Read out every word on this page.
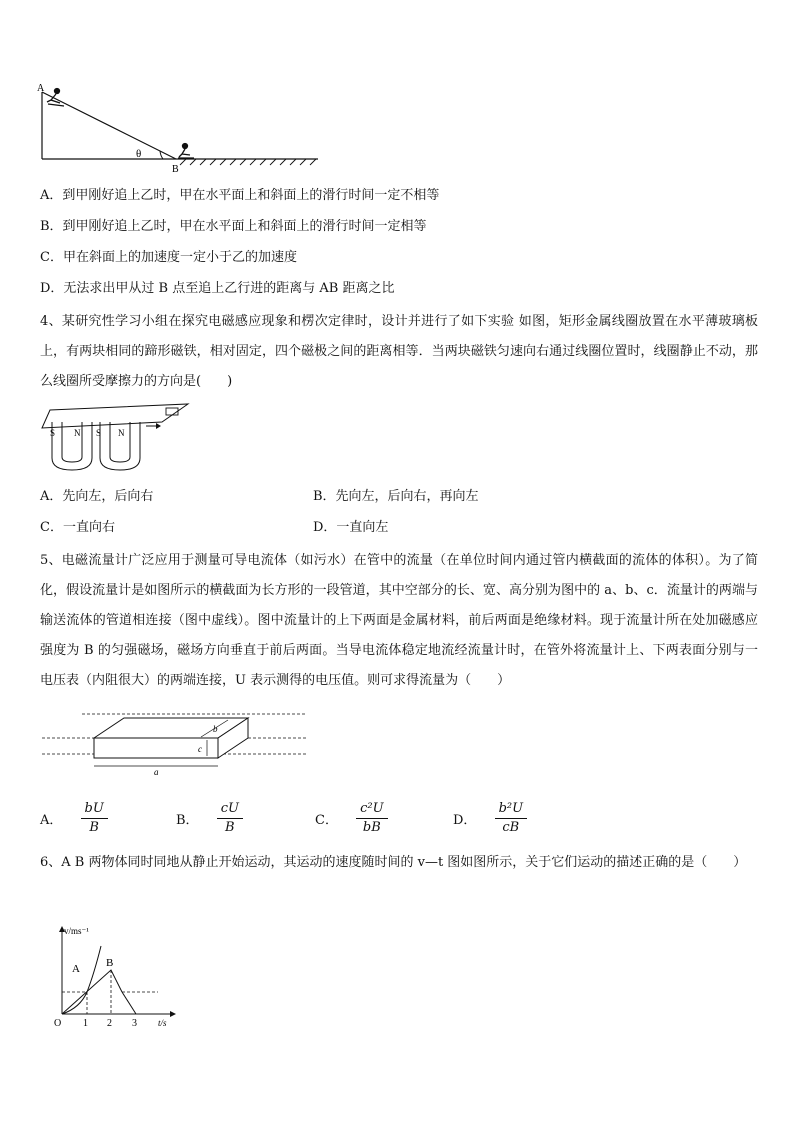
A
B
θ
A．到甲刚好追上乙时，甲在水平面上和斜面上的滑行时间一定不相等
B．到甲刚好追上乙时，甲在水平面上和斜面上的滑行时间一定相等
C．甲在斜面上的加速度一定小于乙的加速度
D．无法求出甲从过 B 点至追上乙行进的距离与 AB 距离之比
4、某研究性学习小组在探究电磁感应现象和楞次定律时，设计并进行了如下实验 如图，矩形金属线圈放置在水平薄玻璃板上，有两块相同的蹄形磁铁，相对固定，四个磁极之间的距离相等．当两块磁铁匀速向右通过线圈位置时，线圈静止不动，那么线圈所受摩擦力的方向是(　　)
S N S N
A．先向左，后向右	B．先向左，后向右，再向左
C．一直向右	D．一直向左
5、电磁流量计广泛应用于测量可导电流体（如污水）在管中的流量（在单位时间内通过管内横截面的流体的体积）。为了简化，假设流量计是如图所示的横截面为长方形的一段管道，其中空部分的长、宽、高分别为图中的 a、b、c．流量计的两端与输送流体的管道相连接（图中虚线）。图中流量计的上下两面是金属材料，前后两面是绝缘材料。现于流量计所在处加磁感应强度为 B 的匀强磁场，磁场方向垂直于前后两面。当导电流体稳定地流经流量计时，在管外将流量计上、下两表面分别与一电压表（内阻很大）的两端连接，U 表示测得的电压值。则可求得流量为（　　）
b
c
a
A． $\frac{bU}{B}$	B． $\frac{cU}{B}$	C． $\frac{\text{c²U}}{bB}$	D． $\frac{\text{b²U}}{cB}$
6、A B 两物体同时同地从静止开始运动，其运动的速度随时间的 v—t 图如图所示，关于它们运动的描述正确的是（　　）
v/ms⁻¹
t/s
O 1 2 3
A B
